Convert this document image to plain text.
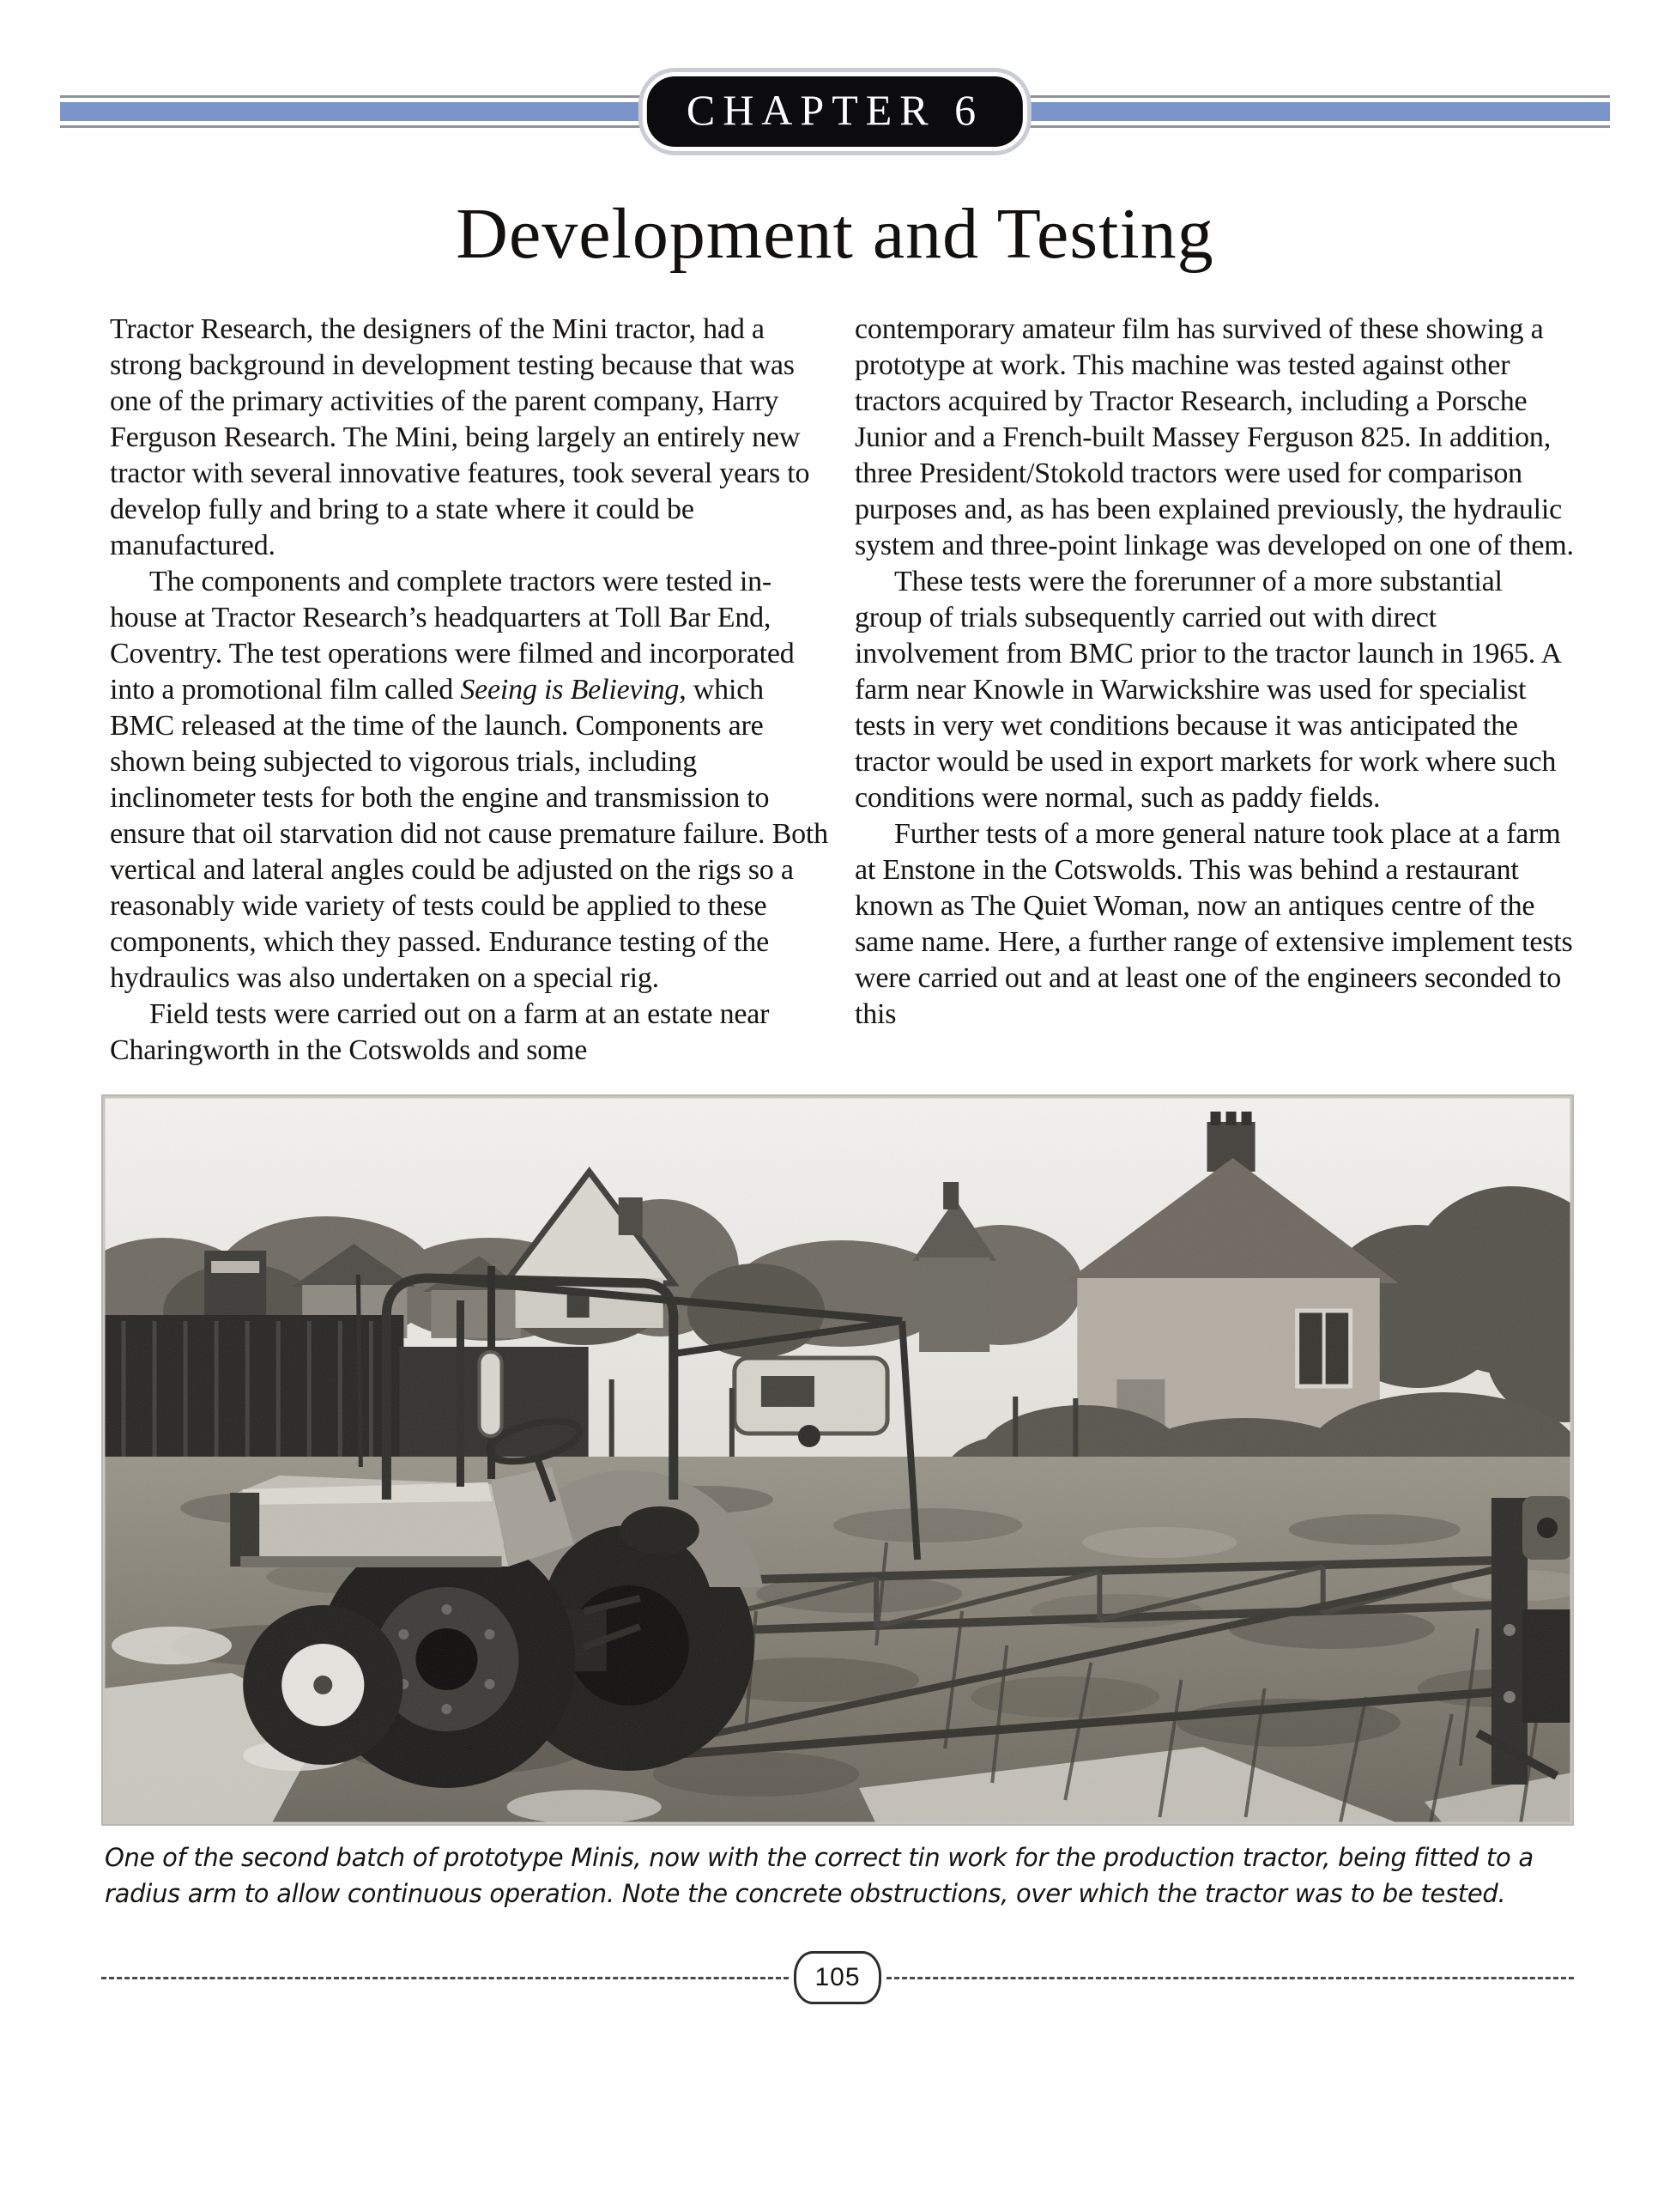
CHAPTER 6
Development and Testing

Tractor Research, the designers of the Mini tractor, had a strong background in development testing because that was one of the primary activities of the parent company, Harry Ferguson Research. The Mini, being largely an entirely new tractor with several innovative features, took several years to develop fully and bring to a state where it could be manufactured.

The components and complete tractors were tested in-house at Tractor Research’s headquarters at Toll Bar End, Coventry. The test operations were filmed and incorporated into a promotional film called Seeing is Believing, which BMC released at the time of the launch. Components are shown being subjected to vigorous trials, including inclinometer tests for both the engine and transmission to ensure that oil starvation did not cause premature failure. Both vertical and lateral angles could be adjusted on the rigs so a reasonably wide variety of tests could be applied to these components, which they passed. Endurance testing of the hydraulics was also undertaken on a special rig.

Field tests were carried out on a farm at an estate near Charingworth in the Cotswolds and some

contemporary amateur film has survived of these showing a prototype at work. This machine was tested against other tractors acquired by Tractor Research, including a Porsche Junior and a French-built Massey Ferguson 825. In addition, three President/Stokold tractors were used for comparison purposes and, as has been explained previously, the hydraulic system and three-point linkage was developed on one of them.

These tests were the forerunner of a more substantial group of trials subsequently carried out with direct involvement from BMC prior to the tractor launch in 1965. A farm near Knowle in Warwickshire was used for specialist tests in very wet conditions because it was anticipated the tractor would be used in export markets for work where such conditions were normal, such as paddy fields.

Further tests of a more general nature took place at a farm at Enstone in the Cotswolds. This was behind a restaurant known as The Quiet Woman, now an antiques centre of the same name. Here, a further range of extensive implement tests were carried out and at least one of the engineers seconded to this

One of the second batch of prototype Minis, now with the correct tin work for the production tractor, being fitted to a radius arm to allow continuous operation. Note the concrete obstructions, over which the tractor was to be tested.
105
